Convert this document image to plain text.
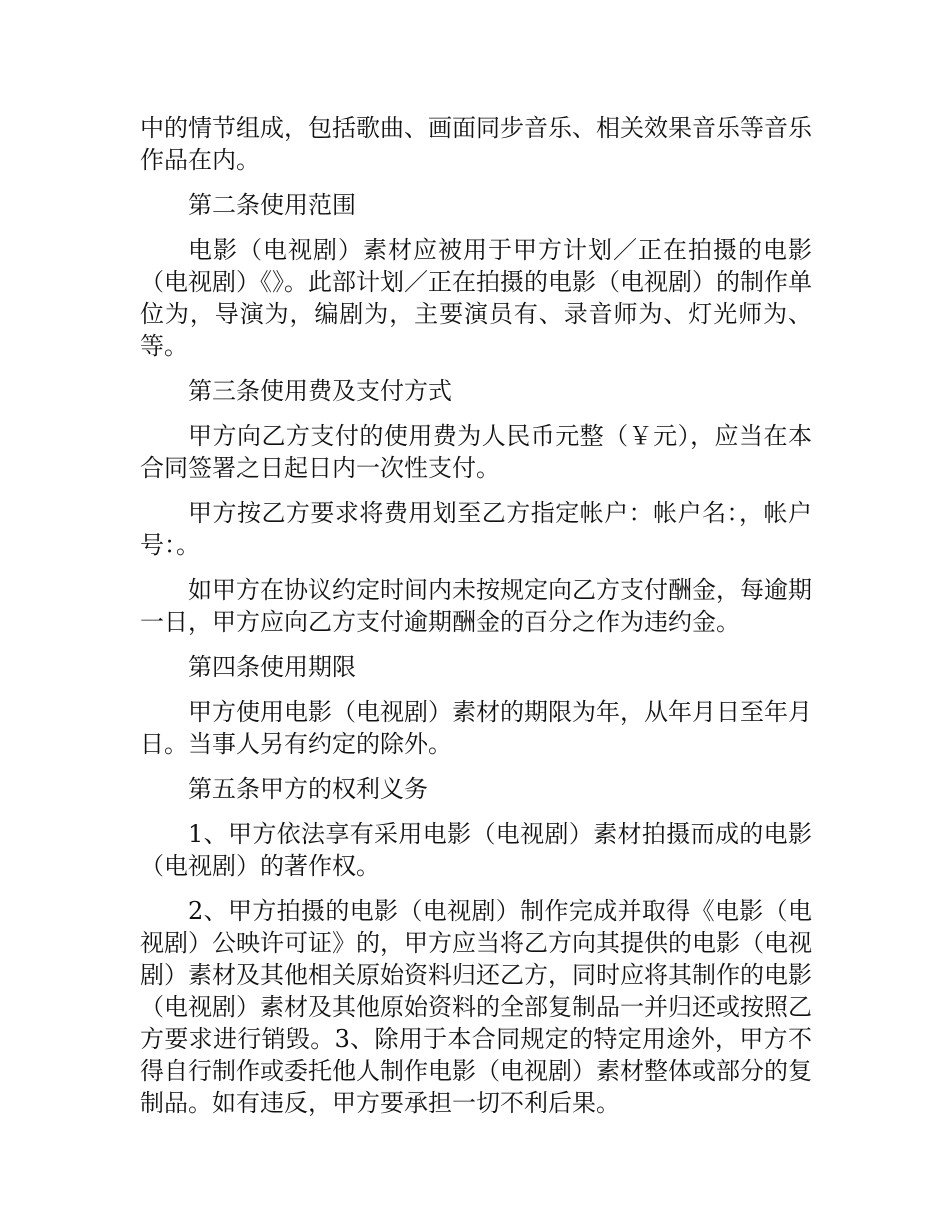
中的情节组成，包括歌曲、画面同步音乐、相关效果音乐等音乐作品在内。

第二条使用范围

电影（电视剧）素材应被用于甲方计划／正在拍摄的电影（电视剧）《》。此部计划／正在拍摄的电影（电视剧）的制作单位为，导演为，编剧为，主要演员有、录音师为、灯光师为、等。

第三条使用费及支付方式

甲方向乙方支付的使用费为人民币元整（￥元），应当在本合同签署之日起日内一次性支付。

甲方按乙方要求将费用划至乙方指定帐户：帐户名：，帐户号：。

如甲方在协议约定时间内未按规定向乙方支付酬金，每逾期一日，甲方应向乙方支付逾期酬金的百分之作为违约金。

第四条使用期限

甲方使用电影（电视剧）素材的期限为年，从年月日至年月日。当事人另有约定的除外。

第五条甲方的权利义务

1、甲方依法享有采用电影（电视剧）素材拍摄而成的电影（电视剧）的著作权。

2、甲方拍摄的电影（电视剧）制作完成并取得《电影（电视剧）公映许可证》的，甲方应当将乙方向其提供的电影（电视剧）素材及其他相关原始资料归还乙方，同时应将其制作的电影（电视剧）素材及其他原始资料的全部复制品一并归还或按照乙方要求进行销毁。3、除用于本合同规定的特定用途外，甲方不得自行制作或委托他人制作电影（电视剧）素材整体或部分的复制品。如有违反，甲方要承担一切不利后果。
